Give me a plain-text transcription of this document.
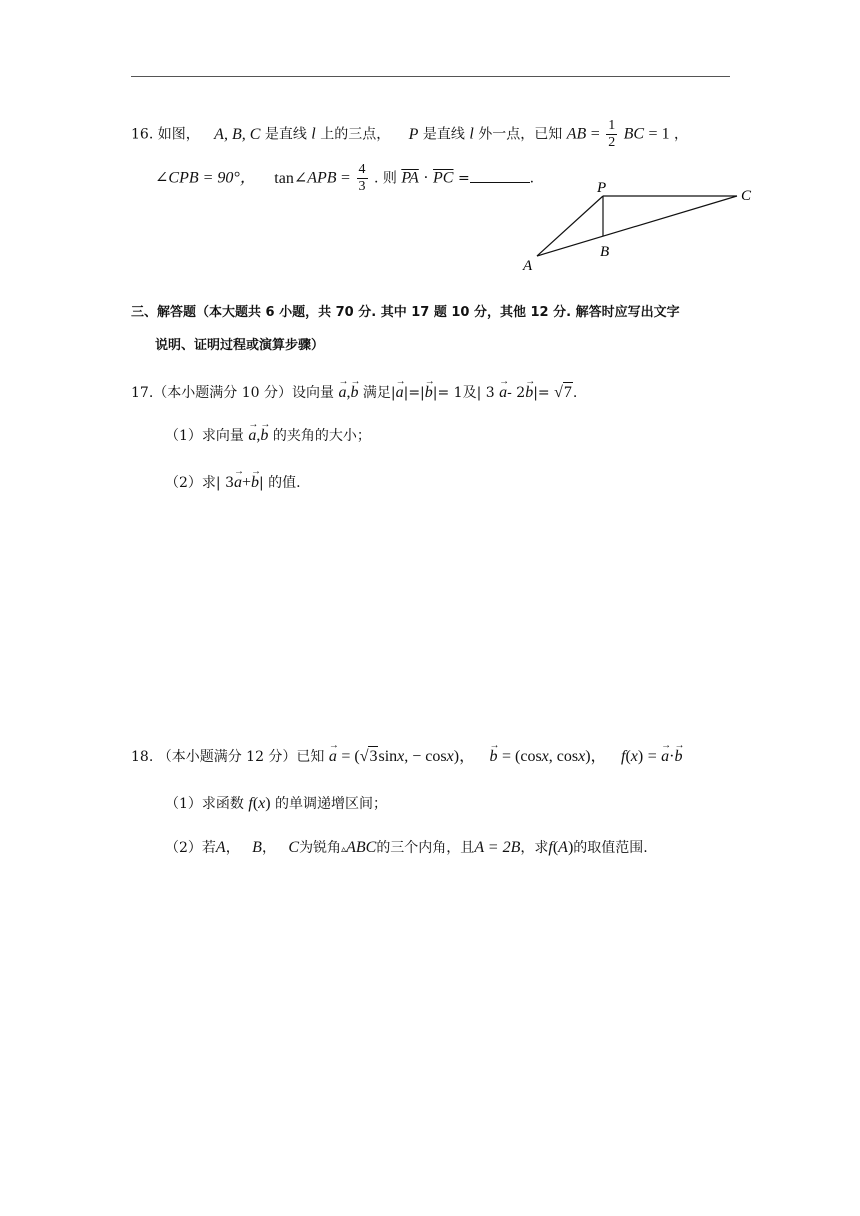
16. 如图， A, B, C 是直线 l 上的三点， P 是直线 l 外一点，已知 AB = $\frac{1}{2}$ BC = 1 ，
∠CPB = 90°， tan∠APB = $\frac{4}{3}$ . 则 $\overline{PA} \cdot \overline{PC}$ =	.
P	C
B
A
三、解答题（本大题共 6 小题，共 70 分. 其中 17 题 10 分，其他 12 分. 解答时应写出文字
说明、证明过程或演算步骤）
17.（本小题满分 10 分）设向量 → a,→ b 满足|→ a|=|→ b|= 1及| 3 → a- 2→ b|= √7.
（1）求向量 → a,→ b 的夹角的大小；
（2）求| 3→ a+→ b| 的值.
18. （本小题满分 12 分）已知 → a = (√3sinx, − cosx)， → b = (cosx, cosx)， f(x) = → a·→ b
（1）求函数 f(x) 的单调递增区间；
（2）若A， B， C为锐角▵ABC的三个内角，且A = 2B，求f(A)的取值范围.
